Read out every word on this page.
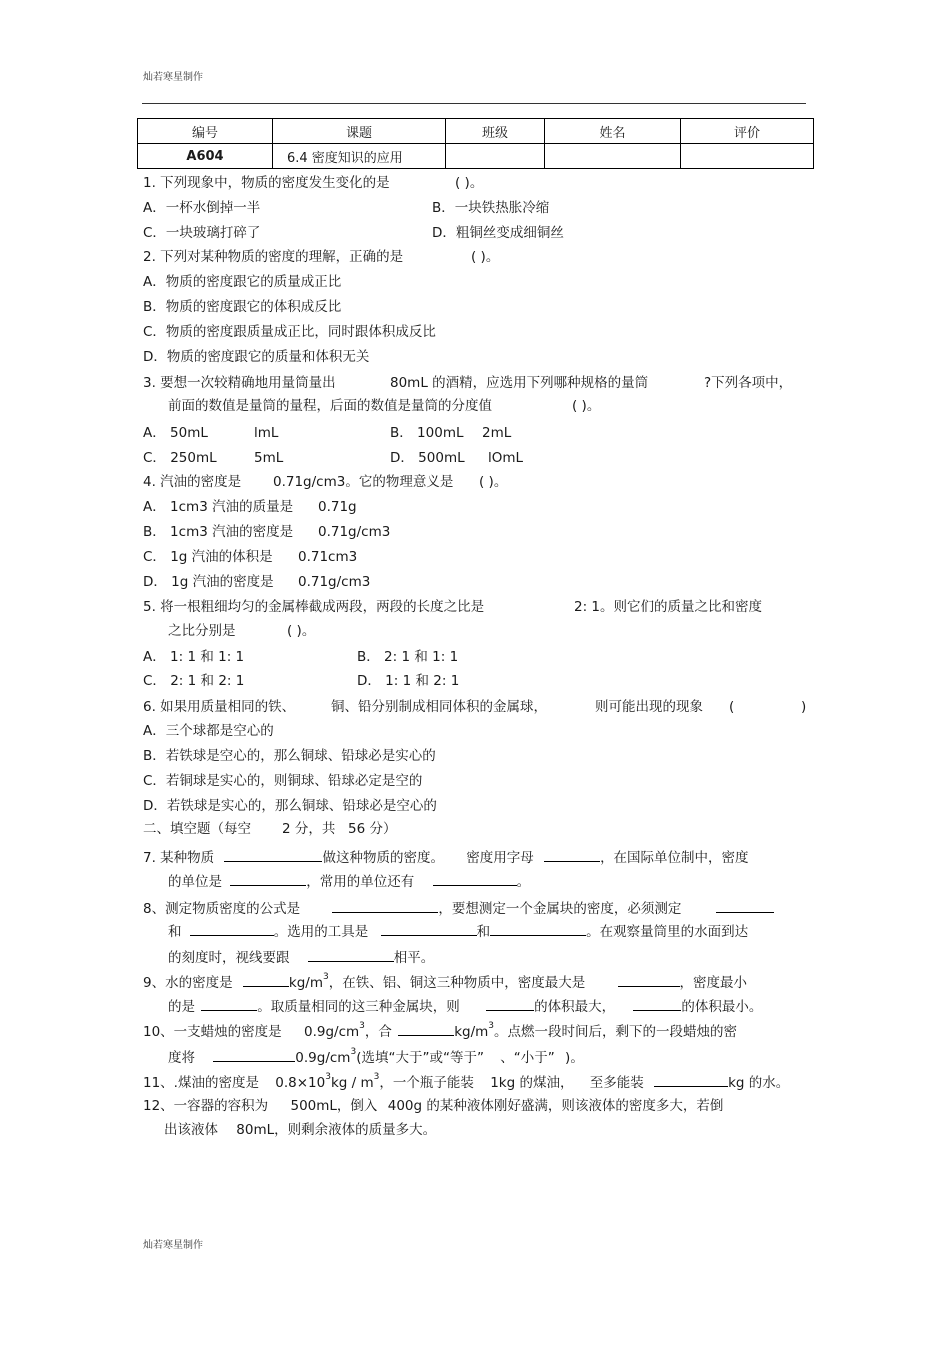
灿若寒星制作
编号	课题	班级	姓名	评价
A604	6.4 密度知识的应用			
1. 下列现象中，物质的密度发生变化的是	( )。
A．一杯水倒掉一半	B．一块铁热胀冷缩
C．一块玻璃打碎了	D．粗铜丝变成细铜丝
2. 下列对某种物质的密度的理解，正确的是	( )。
A．物质的密度跟它的质量成正比
B．物质的密度跟它的体积成反比
C．物质的密度跟质量成正比，同时跟体积成反比
D．物质的密度跟它的质量和体积无关
3. 要想一次较精确地用量筒量出	80mL 的酒精，应选用下列哪种规格的量筒	?下列各项中，
前面的数值是量筒的量程，后面的数值是量筒的分度值	( )。
A． 50mL	lmL	B． 100mL 2mL
C． 250mL	5mL	D． 500mL lOmL
4. 汽油的密度是 0.71g/cm3。它的物理意义是 ( )。
A． 1cm3 汽油的质量是 0.71g
B． 1cm3 汽油的密度是 0.71g/cm3
C． 1g 汽油的体积是 0.71cm3
D． 1g 汽油的密度是 0.71g/cm3
5. 将一根粗细均匀的金属棒截成两段，两段的长度之比是	2: 1。则它们的质量之比和密度
之比分别是	( )。
A． 1: 1 和 1: 1	B． 2: 1 和 1: 1
C． 2: 1 和 2: 1	D． 1: 1 和 2: 1
6. 如果用质量相同的铁、	铜、铅分别制成相同体积的金属球，	则可能出现的现象 (	)
A．三个球都是空心的
B．若铁球是空心的，那么铜球、铅球必是实心的
C．若铜球是实心的，则铜球、铅球必定是空的
D．若铁球是实心的，那么铜球、铅球必是空心的
二、填空题（每空 2 分，共 56 分）
7. 某种物质	做这种物质的密度。 密度用字母	，在国际单位制中，密度
的单位是	，常用的单位还有	。
8、测定物质密度的公式是	，要想测定一个金属块的密度，必须测定
和	。选用的工具是	和	。在观察量筒里的水面到达
的刻度时，视线要跟	相平。
9、水的密度是	$kg/m^3$，在铁、铝、铜这三种物质中，密度最大是	，密度最小
的是	。取质量相同的这三种金属块，则	的体积最大，	的体积最小。
10、一支蜡烛的密度是 $0.9g/cm^3$，合	$kg/m^3$。点燃一段时间后，剩下的一段蜡烛的密
度将	$0.9g/cm^3$(选填“大于”或“等于” 、“小于” )。
11、.煤油的密度是 $0.8\times 10^3kg / m^3$，一个瓶子能装 1kg 的煤油， 至多能装	kg 的水。
12、一容器的容积为 500mL，倒入 400g 的某种液体刚好盛满，则该液体的密度多大，若倒
出该液体 80mL，则剩余液体的质量多大。
灿若寒星制作
